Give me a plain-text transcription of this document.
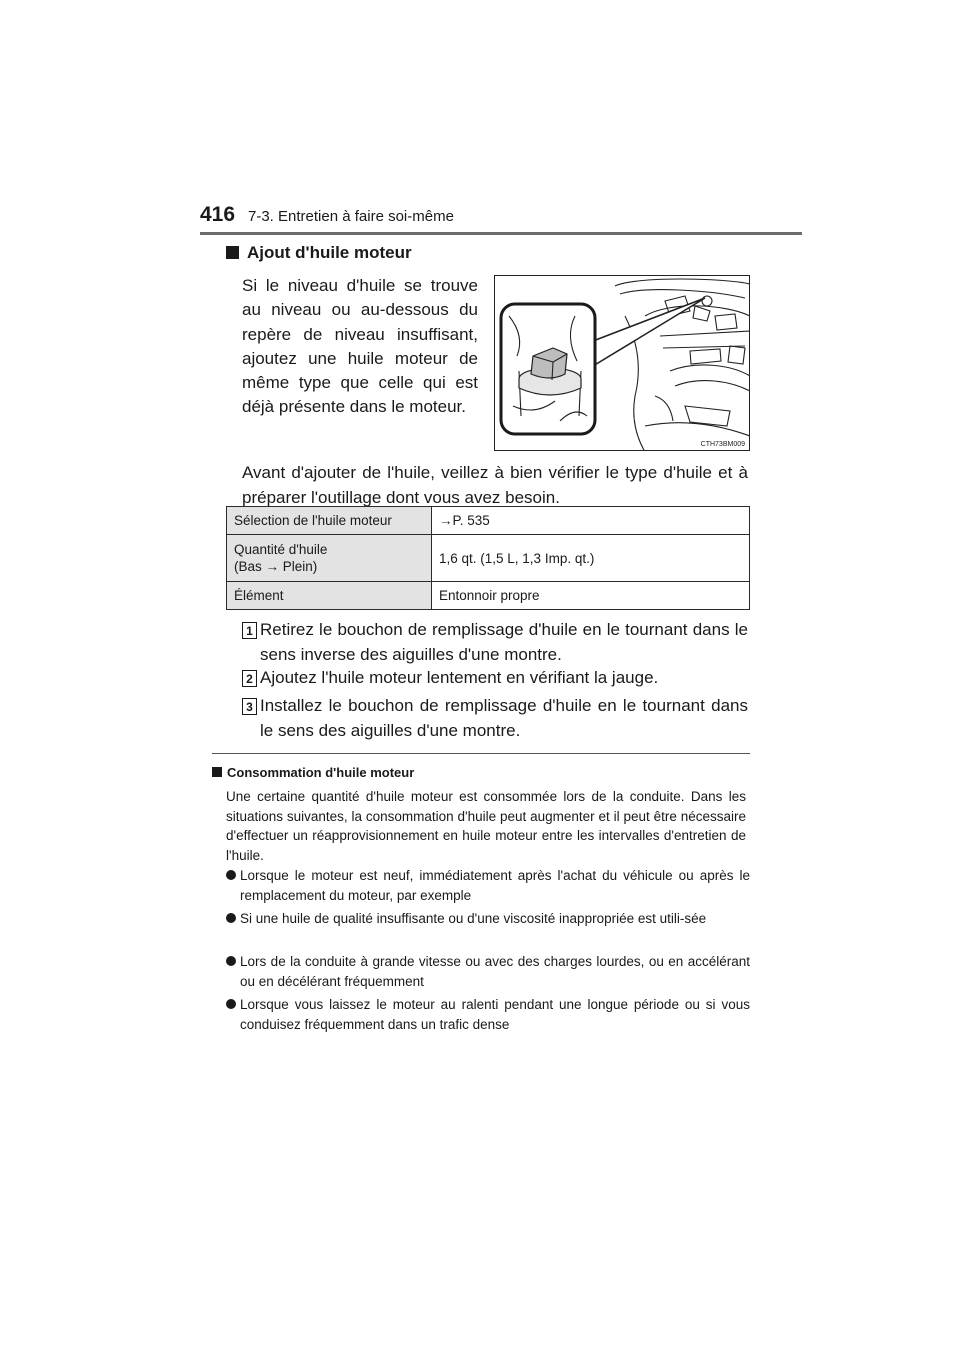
416 7-3. Entretien à faire soi-même
Ajout d'huile moteur
Si le niveau d'huile se trouve au niveau ou au-dessous du repère de niveau insuffisant, ajoutez une huile moteur de même type que celle qui est déjà présente dans le moteur.
CTH73BM009
Avant d'ajouter de l'huile, veillez à bien vérifier le type d'huile et à préparer l'outillage dont vous avez besoin.
Sélection de l'huile moteur	→P. 535
Quantité d'huile
(Bas → Plein)	1,6 qt. (1,5 L, 1,3 Imp. qt.)
Élément	Entonnoir propre
1 Retirez le bouchon de remplissage d'huile en le tournant dans le sens inverse des aiguilles d'une montre.
2 Ajoutez l'huile moteur lentement en vérifiant la jauge.
3 Installez le bouchon de remplissage d'huile en le tournant dans le sens des aiguilles d'une montre.
Consommation d'huile moteur
Une certaine quantité d'huile moteur est consommée lors de la conduite. Dans les situations suivantes, la consommation d'huile peut augmenter et il peut être nécessaire d'effectuer un réapprovisionnement en huile moteur entre les intervalles d'entretien de l'huile.
Lorsque le moteur est neuf, immédiatement après l'achat du véhicule ou après le remplacement du moteur, par exemple
Si une huile de qualité insuffisante ou d'une viscosité inappropriée est utili-sée
Lors de la conduite à grande vitesse ou avec des charges lourdes, ou en accélérant ou en décélérant fréquemment
Lorsque vous laissez le moteur au ralenti pendant une longue période ou si vous conduisez fréquemment dans un trafic dense
